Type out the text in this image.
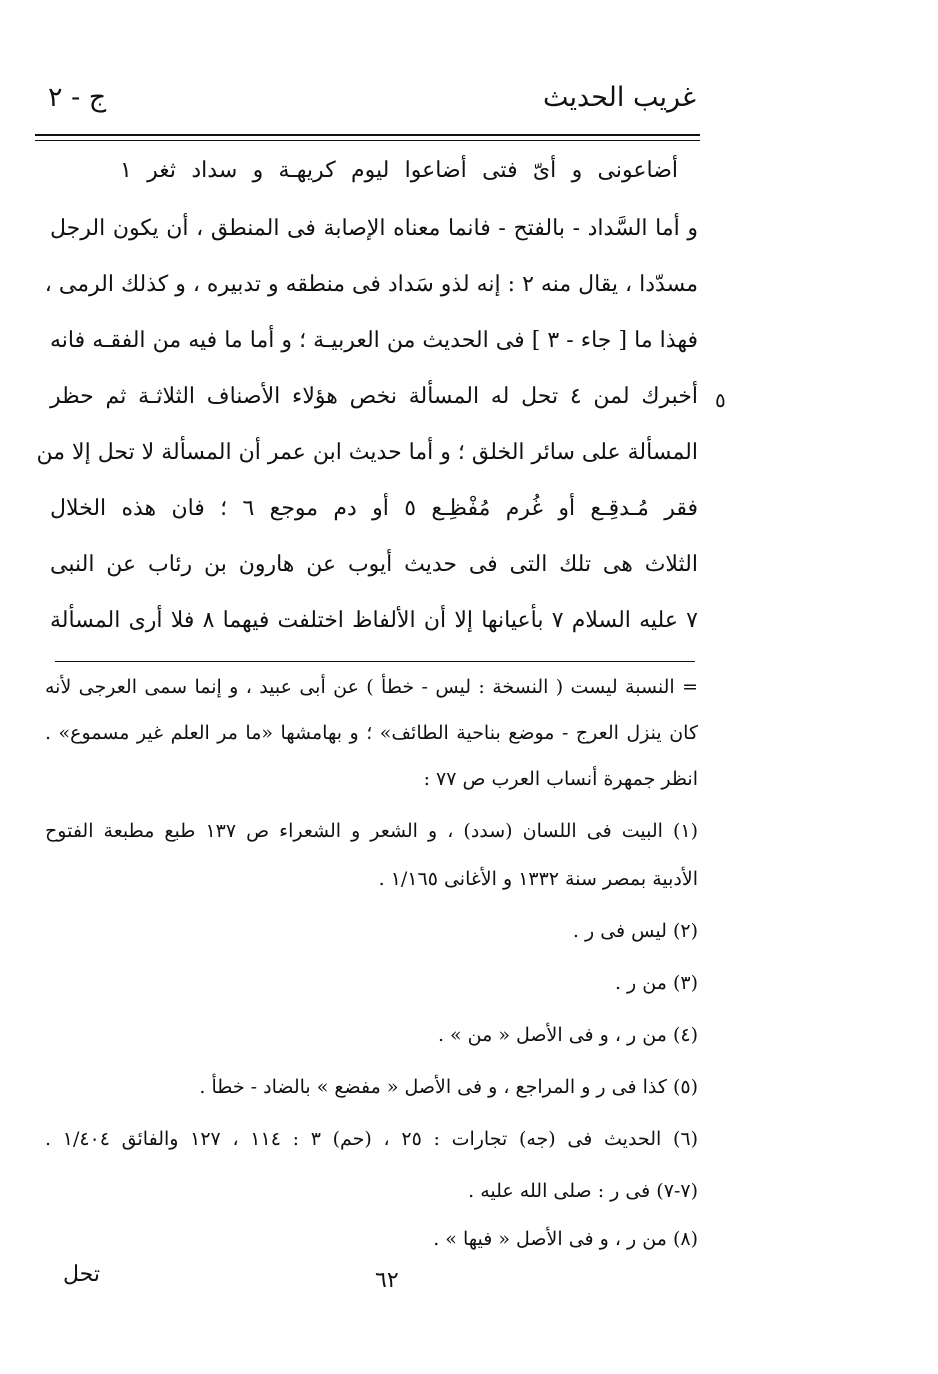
غريب الحديث
ج - ٢
أضاعونى و أىّ فتى أضاعوا ليوم كريهـة و سداد ثغر ١
و أما السَّداد - بالفتح - فانما معناه الإصابة فى المنطق ، أن يكون الرجل
مسدّدا ، يقال منه ٢ : إنه لذو سَداد فى منطقه و تدبيره ، و كذلك الرمى ،
فهذا ما [ جاء - ٣ ] فى الحديث من العربيـة ؛ و أما ما فيه من الفقـه فانه
أخبرك لمن ٤ تحل له المسألة نخص هؤلاء الأصناف الثلاثـة ثم حظر
المسألة على سائر الخلق ؛ و أما حديث ابن عمر أن المسألة لا تحل إلا من
فقر مُـدقِـع أو غُرم مُفْظِـع ٥ أو دم موجع ٦ ؛ فان هذه الخلال
الثلاث هى تلك التى فى حديث أيوب عن هارون بن رئاب عن النبى
٧ عليه السلام ٧ بأعيانها إلا أن الألفاظ اختلفت فيهما ٨ فلا أرى المسألة
٥
= النسبة ليست ( النسخة : ليس - خطأ ) عن أبى عبيد ، و إنما سمى العرجى لأنه
كان ينزل العرج - موضع بناحية الطائف» ؛ و بهامشها «ما مر العلم غير مسموع» .
انظر جمهرة أنساب العرب ص ٧٧ :
(١) البيت فى اللسان (سدد) ، و الشعر و الشعراء ص ١٣٧ طبع مطبعة الفتوح
الأدبية بمصر سنة ١٣٣٢ و الأغانى ١/١٦٥ .
(٢) ليس فى ر .
(٣) من ر .
(٤) من ر ، و فى الأصل « من » .
(٥) كذا فى ر و المراجع ، و فى الأصل « مفضع » بالضاد - خطأ .
(٦) الحديث فى (جه) تجارات : ٢٥ ، (حم) ٣ : ١١٤ ، ١٢٧ والفائق ١/٤٠٤ .
(٧-٧) فى ر : صلى الله عليه .
(٨) من ر ، و فى الأصل « فيها » .
تحل	٦٢
